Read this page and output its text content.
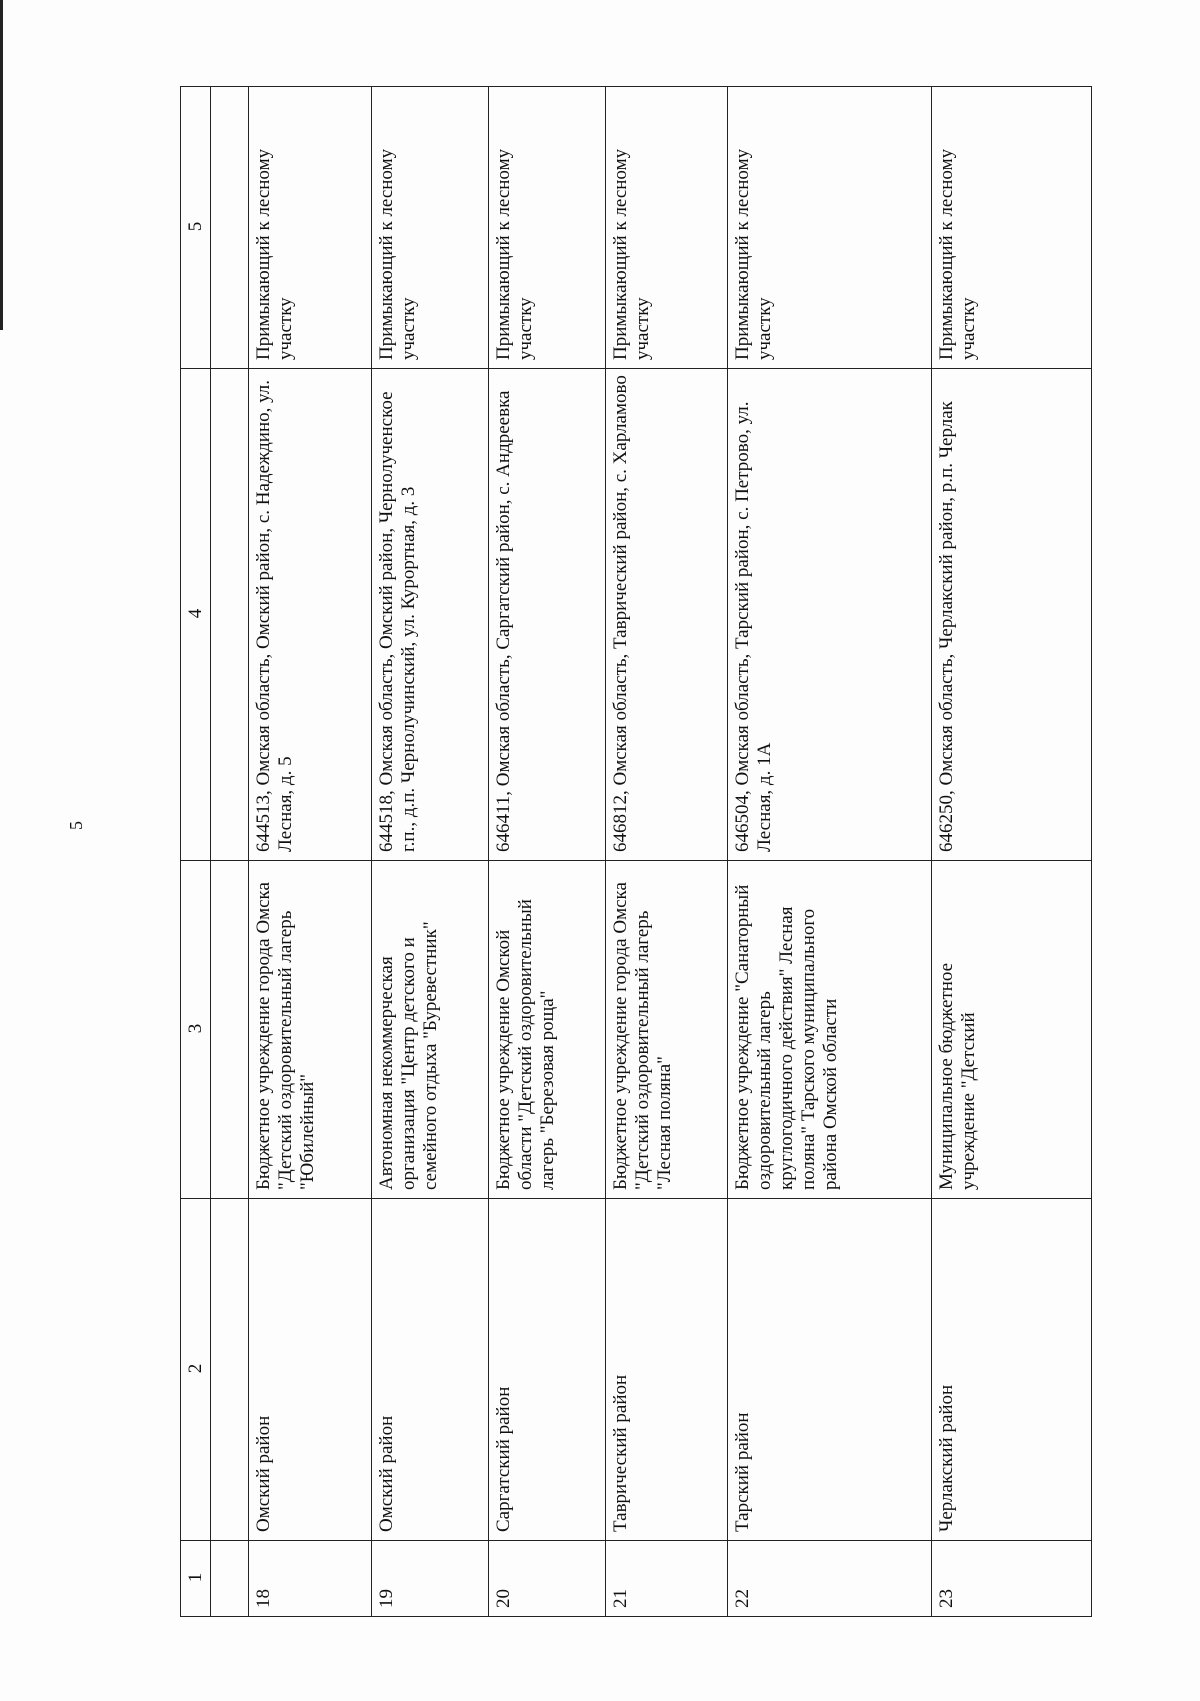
5
1	2	3	4	5

18	Омский район	Бюджетное учреждение города Омска "Детский оздоровительный лагерь "Юбилейный"	644513, Омская область, Омский район, с. Надеждино, ул. Лесная, д. 5	Примыкающий к лесному участку
19	Омский район	Автономная некоммерческая организация "Центр детского и семейного отдыха "Буревестник"	644518, Омская область, Омский район, Чернолученское г.п., д.п. Чернолучинский, ул. Курортная, д. 3	Примыкающий к лесному участку
20	Саргатский район	Бюджетное учреждение Омской области "Детский оздоровительный лагерь "Березовая роща"	646411, Омская область, Саргатский район, с. Андреевка	Примыкающий к лесному участку
21	Таврический район	Бюджетное учреждение города Омска "Детский оздоровительный лагерь "Лесная поляна"	646812, Омская область, Таврический район, с. Харламово	Примыкающий к лесному участку
22	Тарский район	Бюджетное учреждение "Санаторный оздоровительный лагерь круглогодичного действия" Лесная поляна" Тарского муниципального района Омской области	646504, Омская область, Тарский район, с. Петрово, ул. Лесная, д. 1А	Примыкающий к лесному участку
23	Черлакский район	Муниципальное бюджетное учреждение "Детский	646250, Омская область, Черлакский район, р.п. Черлак	Примыкающий к лесному участку
